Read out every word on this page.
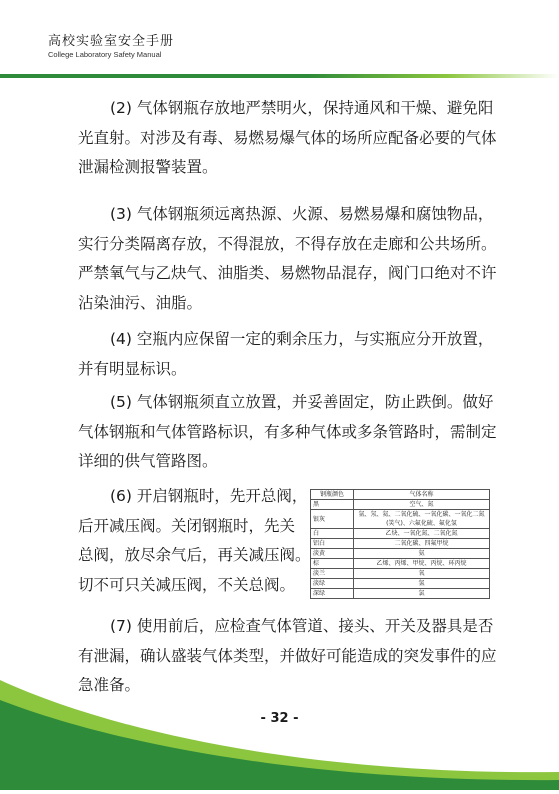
高校实验室安全手册
College Laboratory Safety Manual
(2) 气体钢瓶存放地严禁明火，保持通风和干燥、避免阳
光直射。对涉及有毒、易燃易爆气体的场所应配备必要的气体
泄漏检测报警装置。
(3) 气体钢瓶须远离热源、火源、易燃易爆和腐蚀物品，
实行分类隔离存放，不得混放，不得存放在走廊和公共场所。
严禁氧气与乙炔气、油脂类、易燃物品混存，阀门口绝对不许
沾染油污、油脂。
(4) 空瓶内应保留一定的剩余压力，与实瓶应分开放置，
并有明显标识。
(5) 气体钢瓶须直立放置，并妥善固定，防止跌倒。做好
气体钢瓶和气体管路标识，有多种气体或多条管路时，需制定
详细的供气管路图。
(6) 开启钢瓶时，先开总阀，
后开减压阀。关闭钢瓶时，先关
总阀，放尽余气后，再关减压阀。
切不可只关减压阀，不关总阀。
钢瓶颜色	气体名称
黑	空气、氮
银灰	氩、氖、氦、二氧化硫、一氧化碳、一氧化二氮(笑气)、六氟化硫、氟化氢
白	乙炔、一氧化氮、二氧化氮
铝白	二氧化碳、四氟甲烷
淡黄	氨
棕	乙烯、丙烯、甲烷、丙烷、环丙烷
淡兰	氧
淡绿	氢
深绿	氯
(7) 使用前后，应检查气体管道、接头、开关及器具是否
有泄漏，确认盛装气体类型，并做好可能造成的突发事件的应
急准备。
- 32 -
